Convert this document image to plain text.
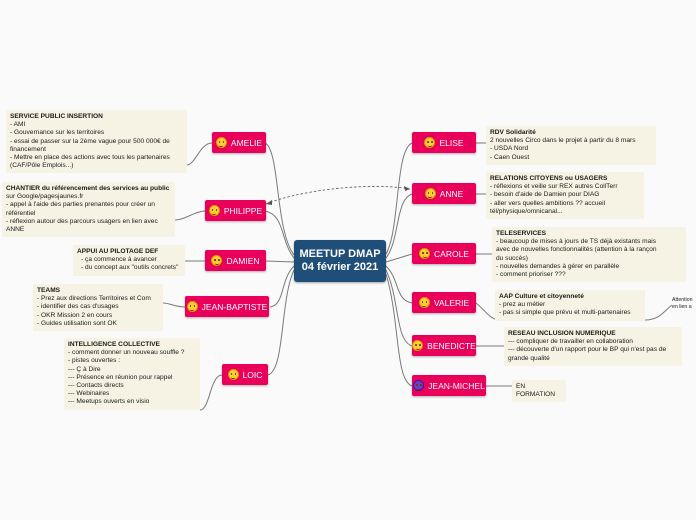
MEETUP DMAP
04 février 2021
AMELIE
PHILIPPE
DAMIEN
JEAN-BAPTISTE
LOIC
ELISE
ANNE
CAROLE
VALERIE
BENEDICTE
JEAN-MICHEL
SERVICE PUBLIC INSERTION
- AMI
- Gouvernance sur les territoires
- essai de passer sur la 2ème vague pour 500 000€ de
financement
- Mettre en place des actions avec tous les partenaires
(CAF/Pôle Emplois...)
CHANTIER du référencement des services au public
sur Google/pagesjaunes.fr
- appel à l'aide des parties prenantes pour créer un
référentiel
- réflexion autour des parcours usagers en lien avec
ANNE
APPUI AU PILOTAGE DEF
- ça commence à avancer
- du concept aux "outils concrets"
TEAMS
- Prez aux directions Territoires et Com
- identifier des cas d'usages
- OKR Mission 2 en cours
- Guides utilisation sont OK
INTELLIGENCE COLLECTIVE
- comment donner un nouveau souffle ?
- pistes ouvertes :
--- Ç à Dire
--- Présence en réunion pour rappel
--- Contacts directs
--- Webinaires
--- Meetups ouverts en visio
RDV Solidarité
2 nouvelles Circo dans le projet à partir du 8 mars
- USDA Nord
- Caen Ouest
RELATIONS CITOYENS ou USAGERS
- réflexions et veille sur REX autres CollTerr
- besoin d'aide de Damien pour DIAG
- aller vers quelles ambitions ?? accueil
tél/physique/omnicanal...
TELESERVICES
- beaucoup de mises à jours de TS déjà existants mais
avec de nouvelles fonctionnalités (attention à la rançon
du succès)
- nouvelles demandes à gérer en parallèle
- comment prioriser ???
AAP Culture et citoyenneté
- prez au métier
- pas si simple que prévu et multi-partenaires
Attention
en lien a
RESEAU INCLUSION NUMERIQUE
--- compliquer de travailler en collaboration
--- découverte d'un rapport pour le BP qui n'est pas de
grande qualité
EN FORMATION
